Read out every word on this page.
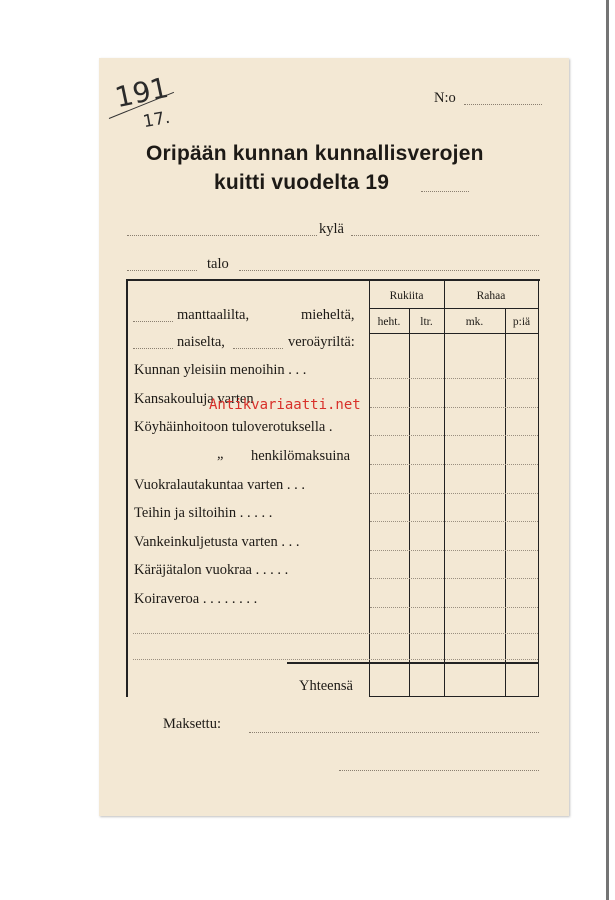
191
17.
N:o
Oripään kunnan kunnallisverojen
kuitti vuodelta 19
kylä
talo
Rukiita	Rahaa
heht.	ltr.	mk.	p:iä
manttaalilta,	mieheltä,
naiselta,	veroäyriltä:
Kunnan yleisiin menoihin . . .
Kansakouluja varten
Köyhäinhoitoon tuloverotuksella .
„ henkilömaksuina
Vuokralautakuntaa varten . . .
Teihin ja siltoihin . . . . .
Vankeinkuljetusta varten . . .
Käräjätalon vuokraa . . . . .
Koiraveroa . . . . . . . .
Yhteensä
Maksettu:
Antikvariaatti.net
